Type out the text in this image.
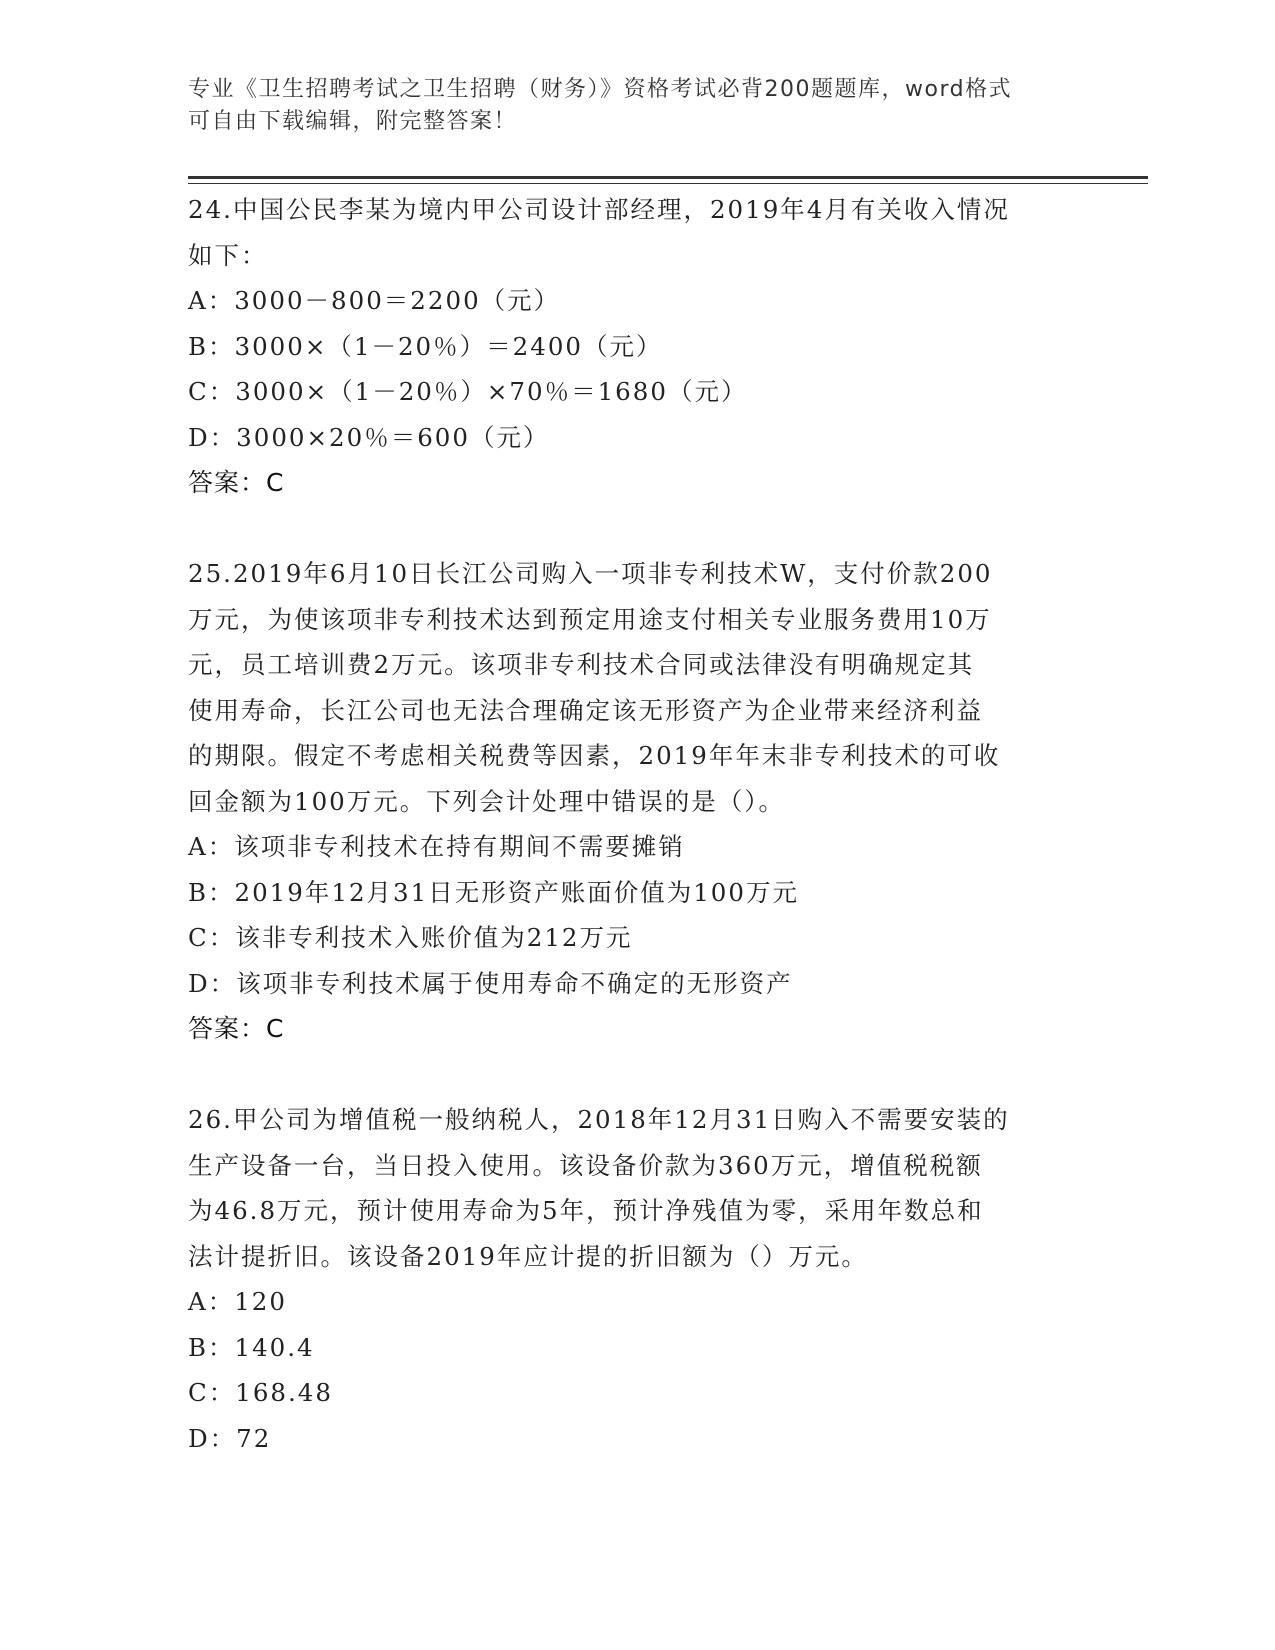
专业《卫生招聘考试之卫生招聘（财务）》资格考试必背200题题库，word格式
可自由下载编辑，附完整答案！
24.中国公民李某为境内甲公司设计部经理，2019年4月有关收入情况
如下：
A：3000－800＝2200（元）
B：3000×（1－20％）＝2400（元）
C：3000×（1－20％）×70％＝1680（元）
D：3000×20％＝600（元）
答案：C
25.2019年6月10日长江公司购入一项非专利技术W，支付价款200
万元，为使该项非专利技术达到预定用途支付相关专业服务费用10万
元，员工培训费2万元。该项非专利技术合同或法律没有明确规定其
使用寿命，长江公司也无法合理确定该无形资产为企业带来经济利益
的期限。假定不考虑相关税费等因素，2019年年末非专利技术的可收
回金额为100万元。下列会计处理中错误的是（）。
A：该项非专利技术在持有期间不需要摊销
B：2019年12月31日无形资产账面价值为100万元
C：该非专利技术入账价值为212万元
D：该项非专利技术属于使用寿命不确定的无形资产
答案：C
26.甲公司为增值税一般纳税人，2018年12月31日购入不需要安装的
生产设备一台，当日投入使用。该设备价款为360万元，增值税税额
为46.8万元，预计使用寿命为5年，预计净残值为零，采用年数总和
法计提折旧。该设备2019年应计提的折旧额为（）万元。
A：120
B：140.4
C：168.48
D：72
